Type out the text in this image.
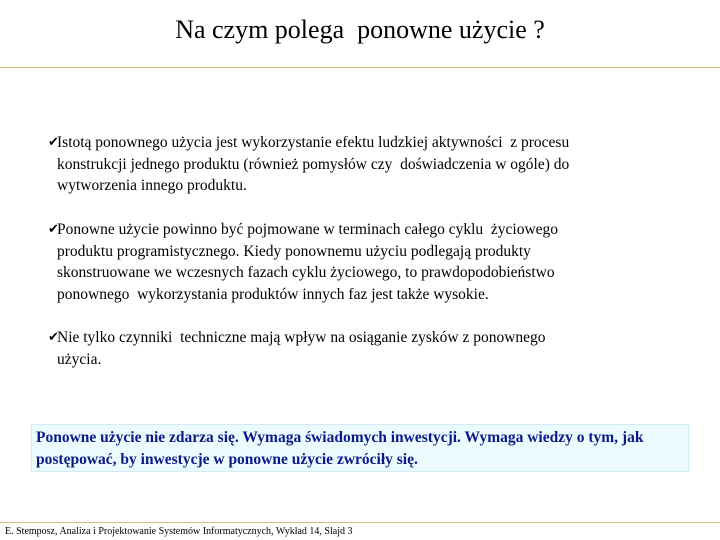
Na czym polega  ponowne użycie ?
✔
Istotą ponownego użycia jest wykorzystanie efektu ludzkiej aktywności  z procesu
konstrukcji jednego produktu (również pomysłów czy  doświadczenia w ogóle) do
wytworzenia innego produktu.
✔
Ponowne użycie powinno być pojmowane w terminach całego cyklu  życiowego
produktu programistycznego. Kiedy ponownemu użyciu podlegają produkty
skonstruowane we wczesnych fazach cyklu życiowego, to prawdopodobieństwo
ponownego  wykorzystania produktów innych faz jest także wysokie.
✔
Nie tylko czynniki  techniczne mają wpływ na osiąganie zysków z ponownego
użycia.
Ponowne użycie nie zdarza się. Wymaga świadomych inwestycji. Wymaga wiedzy o tym, jak postępować, by inwestycje w ponowne użycie zwróciły się.
E. Stemposz, Analiza i Projektowanie Systemów Informatycznych, Wykład 14, Slajd 3
